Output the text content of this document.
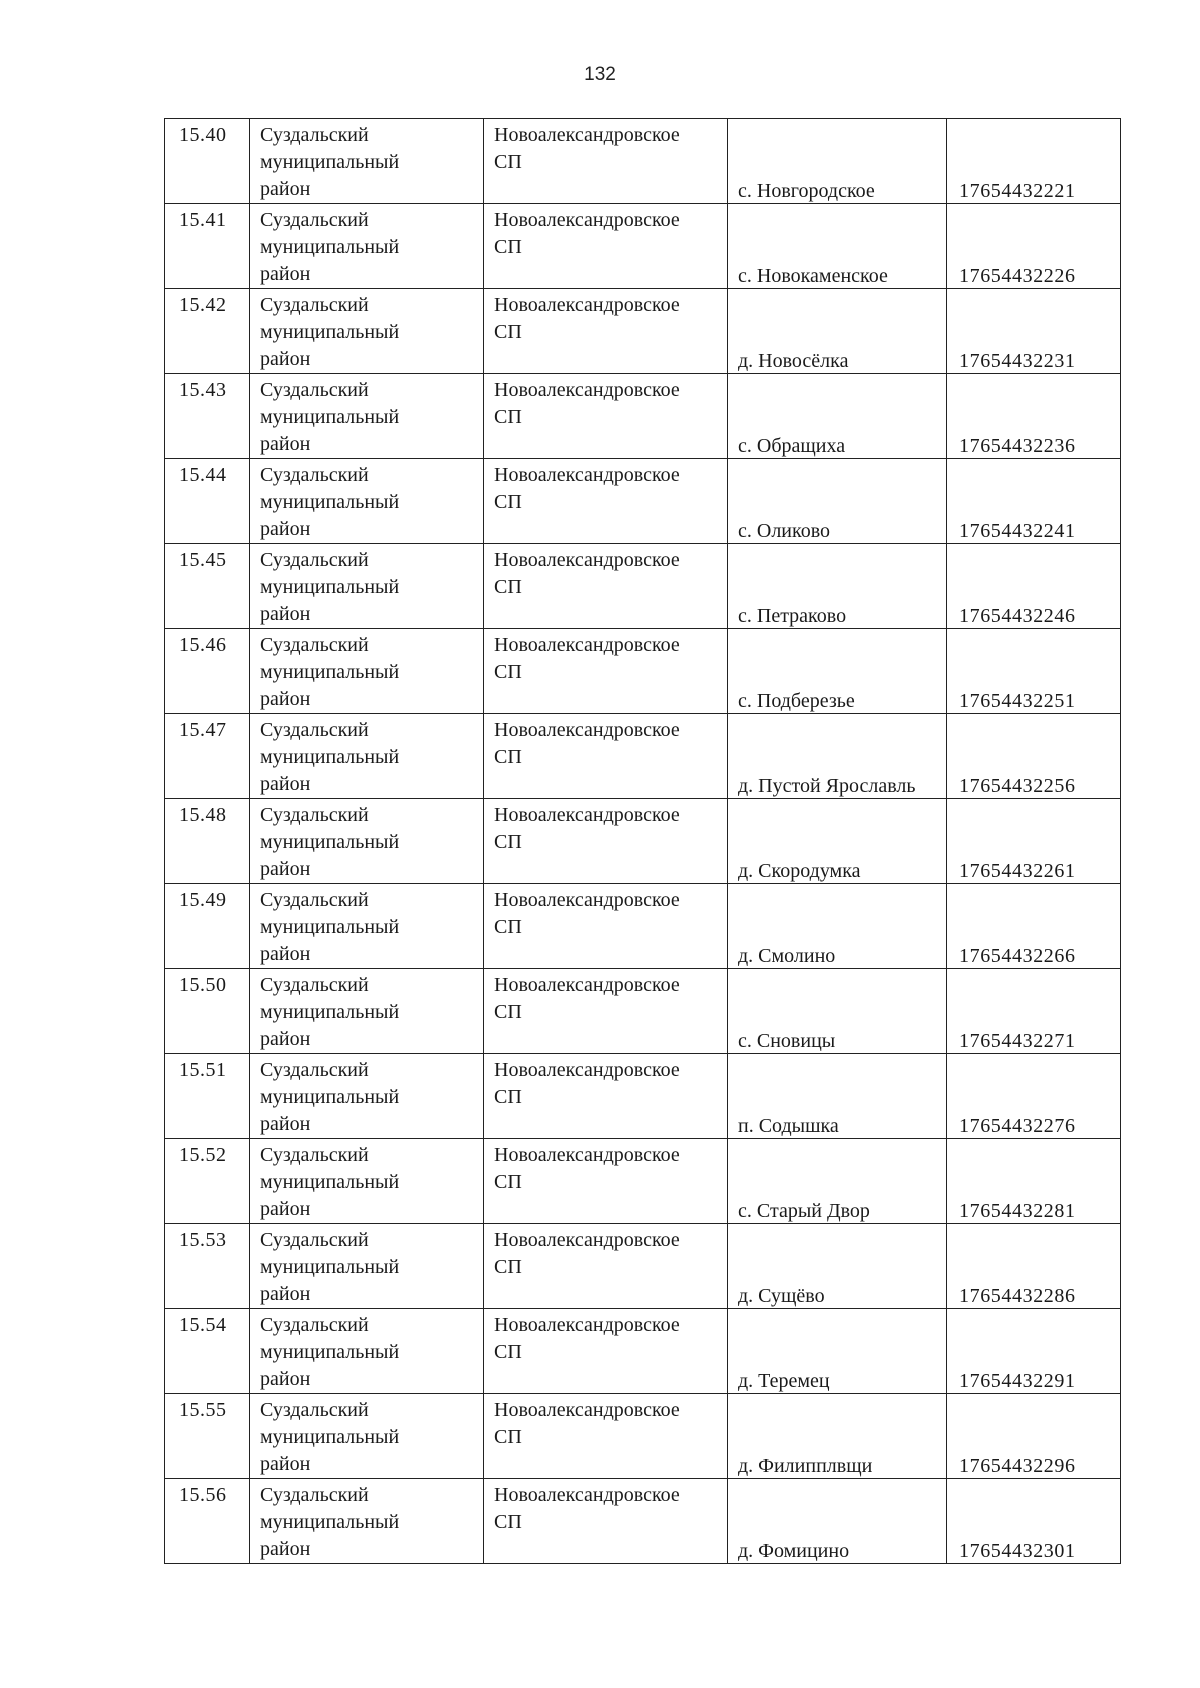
132
15.40	Суздальский
муниципальный
район	Новоалександровское
СП	с. Новгородское	17654432221

15.41	Суздальский
муниципальный
район	Новоалександровское
СП	с. Новокаменское	17654432226

15.42	Суздальский
муниципальный
район	Новоалександровское
СП	д. Новосёлка	17654432231

15.43	Суздальский
муниципальный
район	Новоалександровское
СП	с. Обращиха	17654432236

15.44	Суздальский
муниципальный
район	Новоалександровское
СП	с. Оликово	17654432241

15.45	Суздальский
муниципальный
район	Новоалександровское
СП	с. Петраково	17654432246

15.46	Суздальский
муниципальный
район	Новоалександровское
СП	с. Подберезье	17654432251

15.47	Суздальский
муниципальный
район	Новоалександровское
СП	д. Пустой Ярославль	17654432256

15.48	Суздальский
муниципальный
район	Новоалександровское
СП	д. Скородумка	17654432261

15.49	Суздальский
муниципальный
район	Новоалександровское
СП	д. Смолино	17654432266

15.50	Суздальский
муниципальный
район	Новоалександровское
СП	с. Сновицы	17654432271

15.51	Суздальский
муниципальный
район	Новоалександровское
СП	п. Содышка	17654432276

15.52	Суздальский
муниципальный
район	Новоалександровское
СП	с. Старый Двор	17654432281

15.53	Суздальский
муниципальный
район	Новоалександровское
СП	д. Сущёво	17654432286

15.54	Суздальский
муниципальный
район	Новоалександровское
СП	д. Теремец	17654432291

15.55	Суздальский
муниципальный
район	Новоалександровское
СП	д. Филипплвщи	17654432296

15.56	Суздальский
муниципальный
район	Новоалександровское
СП	д. Фомицино	17654432301
